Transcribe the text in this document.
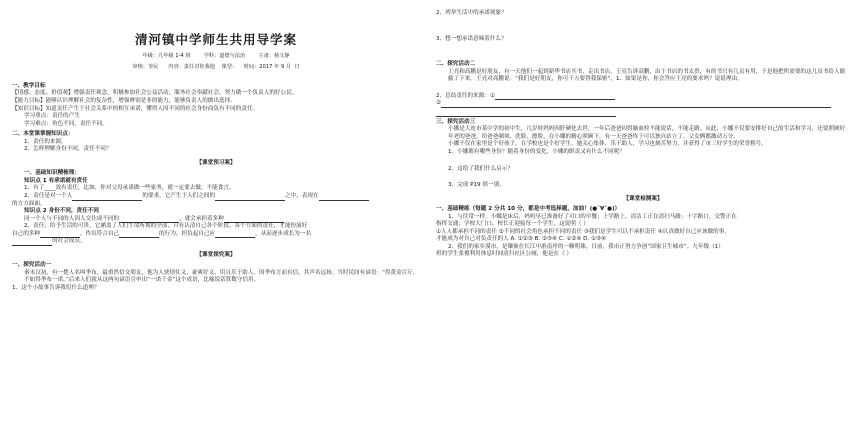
清河镇中学师生共用导学案
年级：九年级 1-4 班        学科：道德与法治        主备：杨文静
审核：李民      内容：责任对你我他    课型：    时间：2017 年 9 月  日

一、教学目标

【情感、态度、价值观】增强责任观念，积极参加社会公益活动，服务社会奉献社会，努力做一个负责人的好公民。

【能力目标】能够认识理解社会的复杂性，增强辨别是非的能力，能够负责人的做出选择。

【知识目标】知道责任产生于社会关系中的相互承诺，懂得人因不同的社会身份而负有不同的责任。

学习重点：责任的产生

学习难点：角色不同，责任不同。

二、本堂课掌握知识点：

1、责任的来源。

2、怎样理解身份不同，责任不同？

【课堂预习案】

一、基础知识精梳理：

知识点 1 有承诺就有责任

1、有了____效有责任，比如，你对父母承诺做一些家务，就一定要去做，不能食言。

2、责任是对一个人	的要求，它产生于人们之间的	之中，表现在

的方方面面。

知识点 2 身份不同，责任不同

同一个人与不同的人因人交往成不同的	，就会承担着多种

2、责任，给予生活的可贵，它涵盖了人们生命所拥的全部，只有认清自己各个阶段、各个方面的责任，才能扮演好

自己的多种	，作出符合自己	的行为，担负起自己应	，从而逐步成长为一名

的社会成员。

【课堂探究案】

一、探究活动一

秦末汉初，有一楚人名叫季布，最重然信交朋友，他为人侠情仗义，豪爽好义，用且乐于助人。因季布言而有信，其声名远扬。当时民间有谚语：“得黄金百斤，不如得季布一诺。”后来人们就从这两句谚语引申出“一诺千金”这个成语，比喻说话算数守信用。

1、这个小故事告诉我们什么道理？

2、列举生活中的承诺现象？

3、想一想承诺意味着什么？

二、探究活动二

王亮和高鹏是好朋友，有一天他们一起到新华书店买书，走出书店，王亮告诉高鹏，由于书店的书太贵，有的书只有几页有用，于是他把所需要的这几页书给人偷偷了下来。王亮对高鹏说：“我们是好朋友，你可千万要替我保密”，1、如果是你，你会答应王亮的要求吗？说说理由。

2、总结责任的来源：①

②

三、探究活动三

小娜是大连市某中学的初中生，几岁时妈妈因肝硬化去世，一年后爸爸因得脑血栓不能说话，不能走路。从此，小娜不仅要安排好自己的生活和学习，还要照顾好年老的爸爸，给爸爸剃须、洗脸、擦脸，在小娜的精心照顾下，有一天爸爸终于可以独自站立了，父女俩都激动万分。

小娜不仅在家里是个好孩子，在学校也是个好学生，她关心集体，乐于助人，学习也刻苦努力，并获得了市三好学生的荣誉称号。

1、小娜都有哪些身份？随着身份的变化，小娜的职责又有什么不同呢？

2、这给了我们什么启示？

3、完成 P19 填一填。

【课堂检测案】

一、基础精练（每题 2 分共 10 分，都是中考选择题，加油！(●ˇ∀ˇ●)）

1、与往常一样，小娜是床后，妈妈早已准备好了可口的早餐；上学路上，清洁工正在清扫马路；十字路口，交警正在

指挥交通；学校大门口，校长正迎接每一个学生，这说明（ ）

①人人都承担不同的责任 ②不同的社会角色承担不同的责任 ③我们是学生可以不承担责任 ④认真做好自己应该做的事，

才能成为对自己对负责任的人 A. ①②③ B. ②③④ C. ①②④ D. ①③④

2、我们的家乡漠市，是镶嵌在长江中游南岸的一颗明珠，目前，我市正努力争创“国家卫生城市”。九年级（1）

班的学生张俊利用休息时间清扫社区公厕，他是在（ ）
